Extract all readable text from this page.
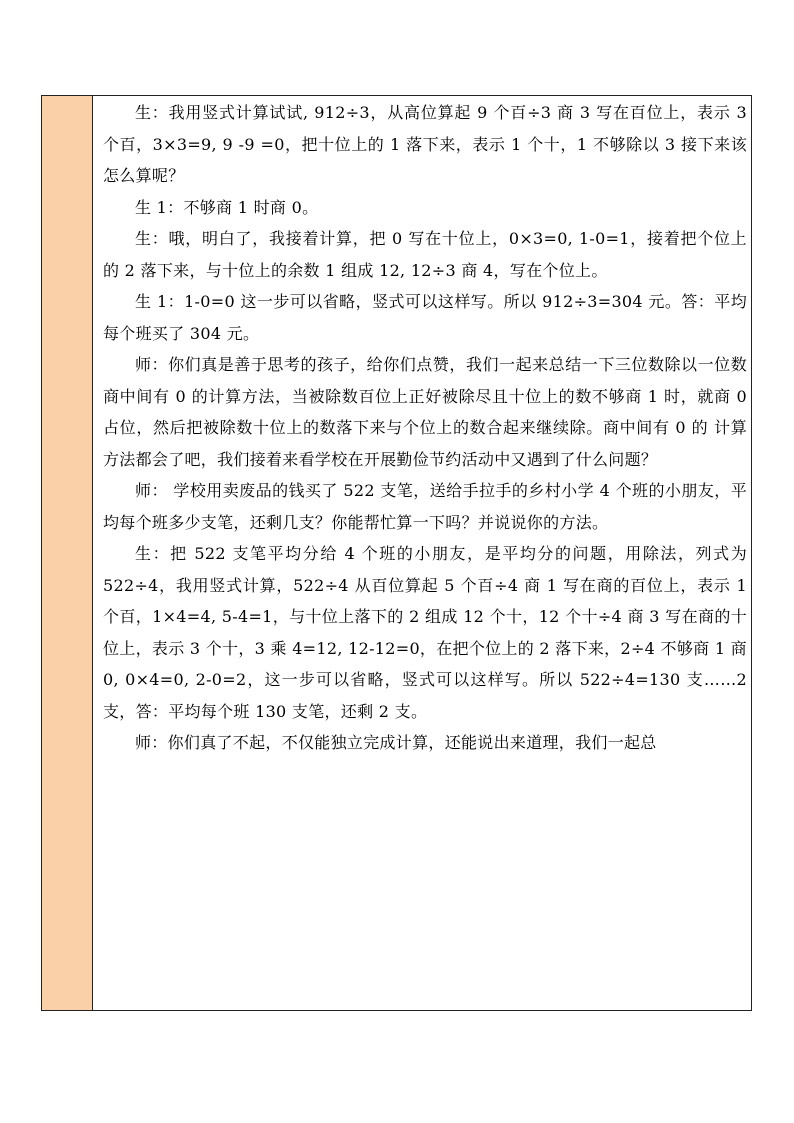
生：我用竖式计算试试, 912÷3，从高位算起 9 个百÷3 商 3 写在百位上，表示 3 个百，3×3=9, 9 -9 =0，把十位上的 1 落下来，表示 1 个十，1 不够除以 3 接下来该怎么算呢？

生 1：不够商 1 时商 0。

生：哦，明白了，我接着计算，把 0 写在十位上，0×3=0, 1-0=1，接着把个位上的 2 落下来，与十位上的余数 1 组成 12, 12÷3 商 4，写在个位上。

生 1：1-0=0 这一步可以省略，竖式可以这样写。所以 912÷3=304 元。答：平均每个班买了 304 元。

师：你们真是善于思考的孩子，给你们点赞，我们一起来总结一下三位数除以一位数商中间有 0 的计算方法，当被除数百位上正好被除尽且十位上的数不够商 1 时，就商 0 占位，然后把被除数十位上的数落下来与个位上的数合起来继续除。商中间有 0 的 计算方法都会了吧，我们接着来看学校在开展勤俭节约活动中又遇到了什么问题？

师： 学校用卖废品的钱买了 522 支笔，送给手拉手的乡村小学 4 个班的小朋友，平均每个班多少支笔，还剩几支？你能帮忙算一下吗？并说说你的方法。

生：把 522 支笔平均分给 4 个班的小朋友，是平均分的问题，用除法，列式为 522÷4，我用竖式计算，522÷4 从百位算起 5 个百÷4 商 1 写在商的百位上，表示 1 个百，1×4=4, 5-4=1，与十位上落下的 2 组成 12 个十，12 个十÷4 商 3 写在商的十位上，表示 3 个十，3 乘 4=12, 12-12=0，在把个位上的 2 落下来，2÷4 不够商 1 商 0, 0×4=0, 2-0=2，这一步可以省略，竖式可以这样写。所以 522÷4=130 支……2 支，答：平均每个班 130 支笔，还剩 2 支。

师：你们真了不起，不仅能独立完成计算，还能说出来道理，我们一起总
